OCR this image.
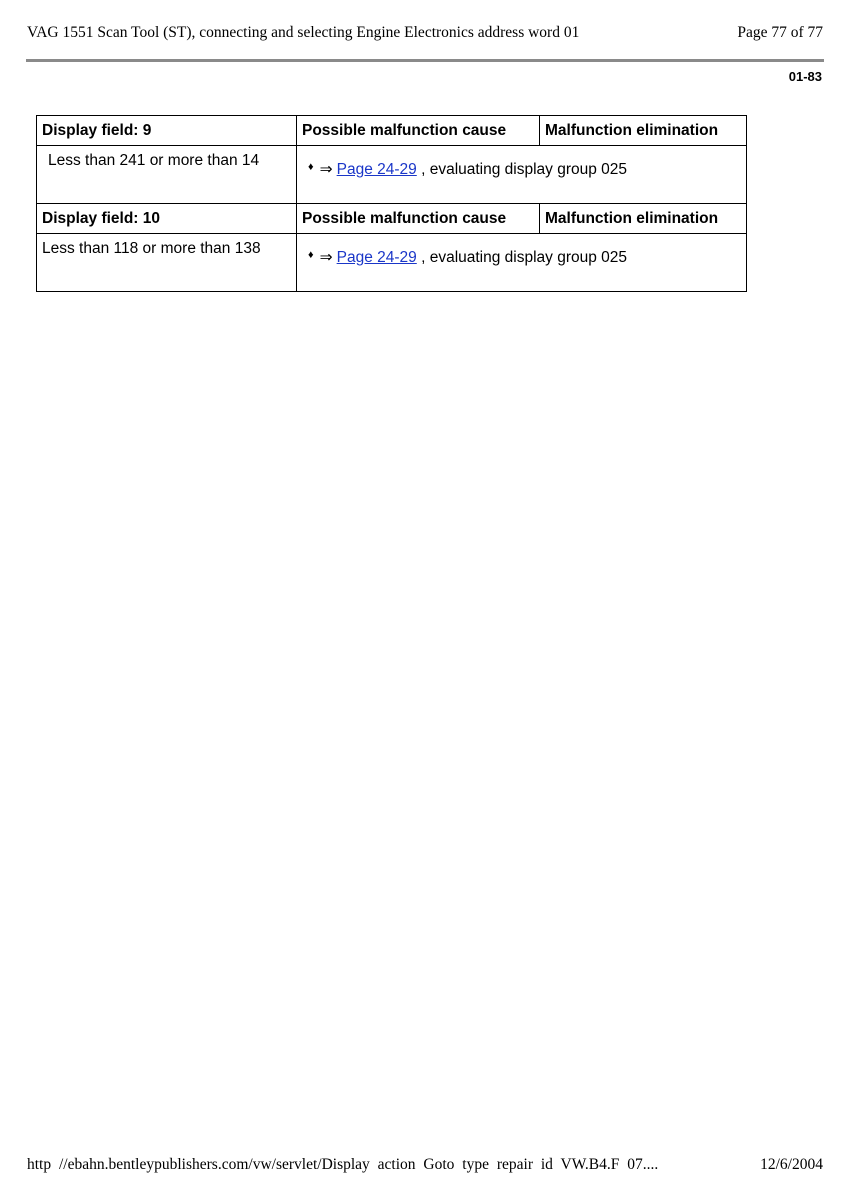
VAG 1551 Scan Tool (ST), connecting and selecting Engine Electronics address word 01	Page 77 of 77
01-83
Display field: 9	Possible malfunction cause	Malfunction elimination
Less than 241 or more than 14	♦ ⇒ Page 24-29 , evaluating display group 025	
Display field: 10	Possible malfunction cause	Malfunction elimination
Less than 118 or more than 138	♦ ⇒ Page 24-29 , evaluating display group 025	
http //ebahn.bentleypublishers.com/vw/servlet/Display action Goto type repair id VW.B4.F 07....	12/6/2004
